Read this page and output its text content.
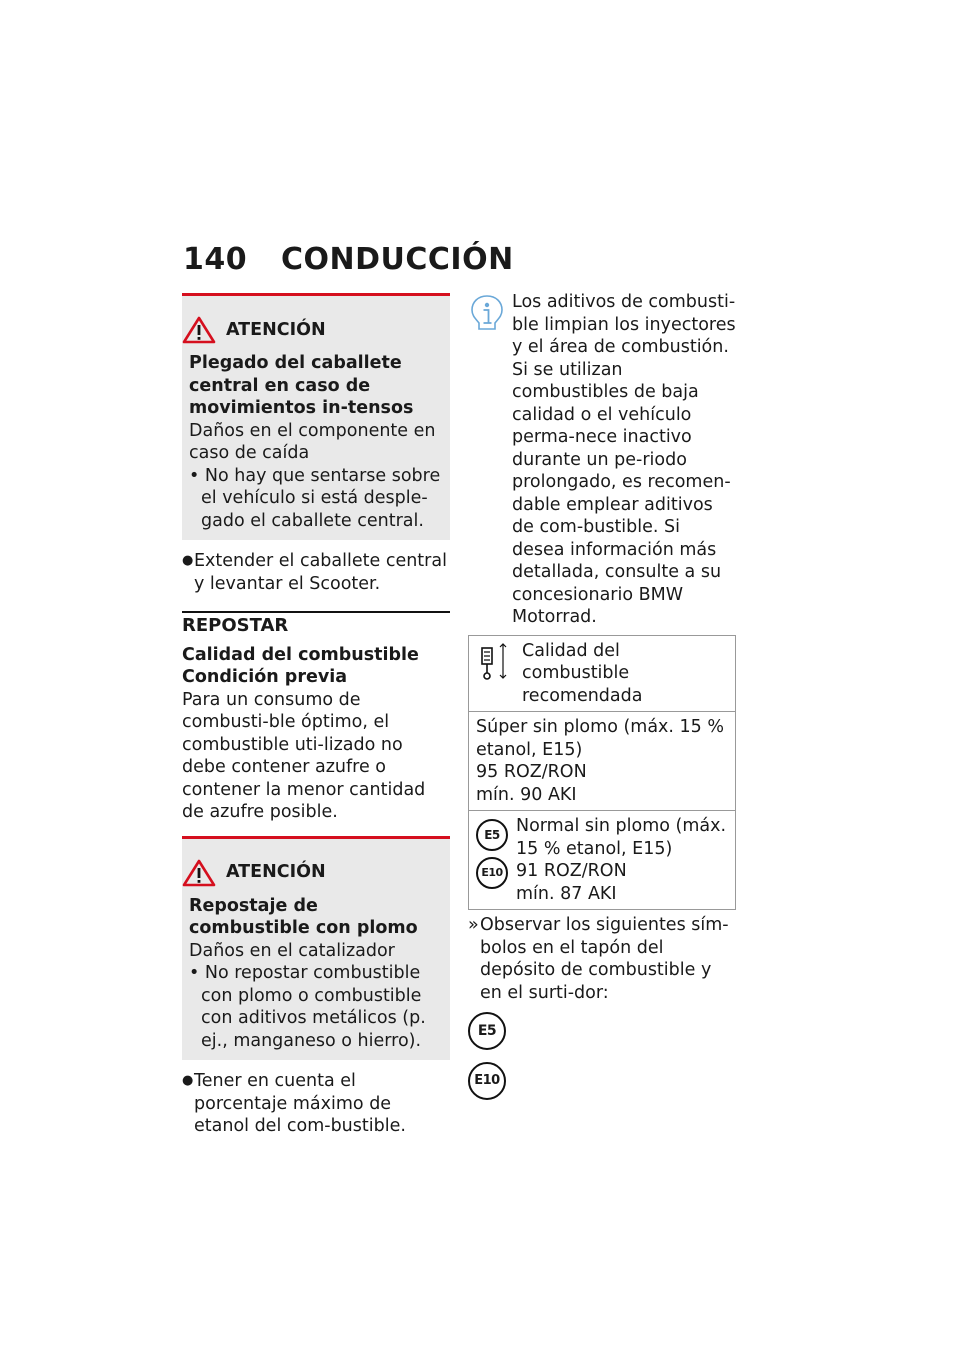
140 CONDUCCIÓN
ATENCIÓN
Plegado del caballete central en caso de movimientos in-tensos
Daños en el componente en caso de caída
• No hay que sentarse sobre el vehículo si está desple-gado el caballete central.
● Extender el caballete central y levantar el Scooter.
REPOSTAR
Calidad del combustible
Condición previa
Para un consumo de combusti-ble óptimo, el combustible uti-lizado no debe contener azufre o contener la menor cantidad de azufre posible.
ATENCIÓN
Repostaje de combustible con plomo
Daños en el catalizador
• No repostar combustible con plomo o combustible con aditivos metálicos (p. ej., manganeso o hierro).
● Tener en cuenta el porcentaje máximo de etanol del com-bustible.
Los aditivos de combusti-ble limpian los inyectores y el área de combustión. Si se utilizan combustibles de baja calidad o el vehículo perma-nece inactivo durante un pe-riodo prolongado, es recomen-dable emplear aditivos de com-bustible. Si desea información más detallada, consulte a su concesionario BMW Motorrad.
Calidad del combustible recomendada
Súper sin plomo (máx. 15 % etanol, E15)
95 ROZ/RON
mín. 90 AKI
E5
E10
Normal sin plomo (máx. 15 % etanol, E15)
91 ROZ/RON
mín. 87 AKI
» Observar los siguientes sím-bolos en el tapón del depósito de combustible y en el surti-dor:
E5
E10
